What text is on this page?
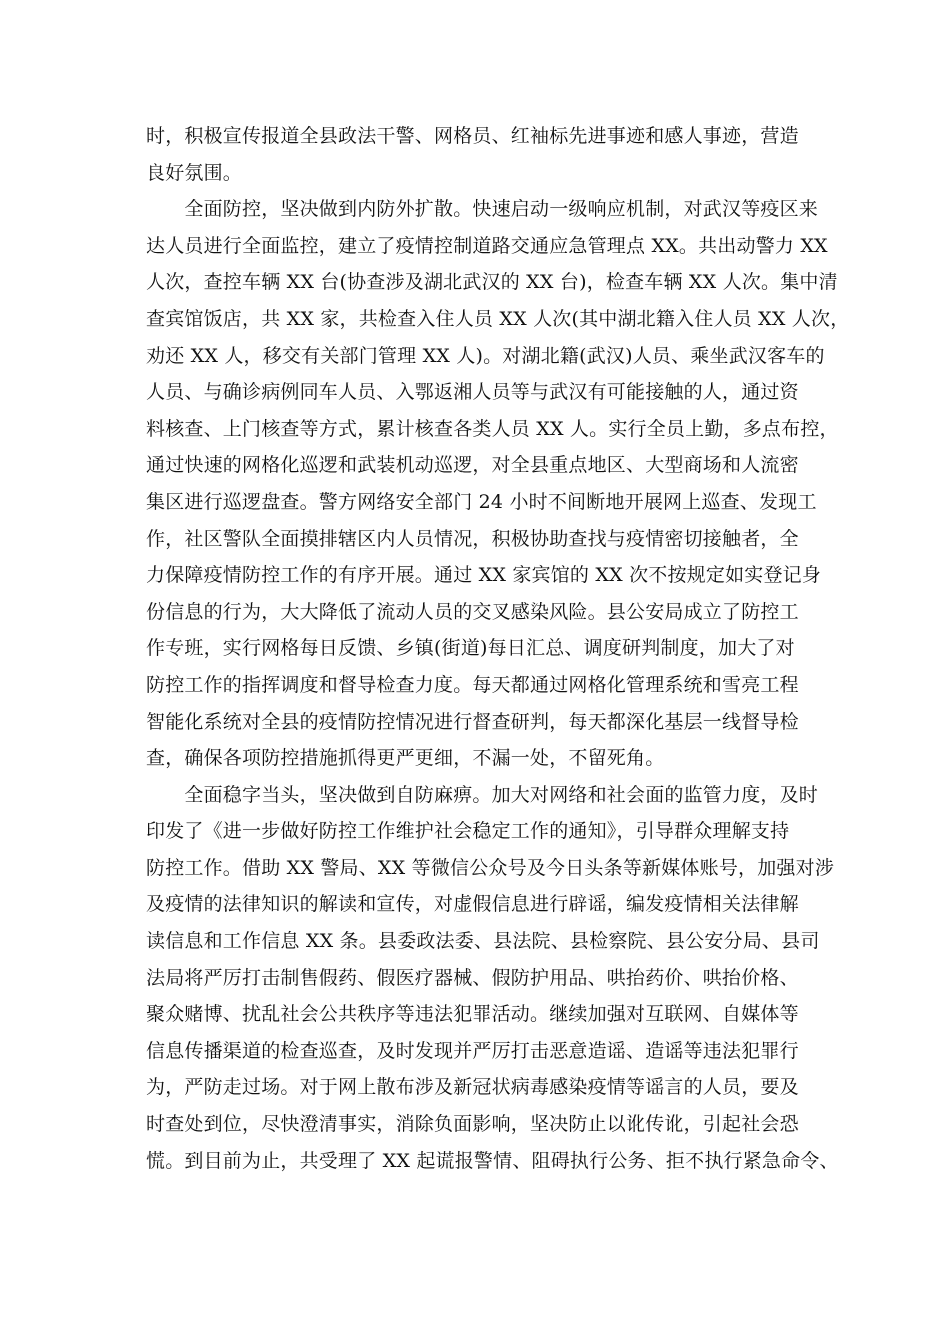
时，积极宣传报道全县政法干警、网格员、红袖标先进事迹和感人事迹，营造
良好氛围。
　　全面防控，坚决做到内防外扩散。快速启动一级响应机制，对武汉等疫区来
达人员进行全面监控，建立了疫情控制道路交通应急管理点 XX。共出动警力 XX
人次，查控车辆 XX 台(协查涉及湖北武汉的 XX 台)，检查车辆 XX 人次。集中清
查宾馆饭店，共 XX 家，共检查入住人员 XX 人次(其中湖北籍入住人员 XX 人次，
劝还 XX 人，移交有关部门管理 XX 人)。对湖北籍(武汉)人员、乘坐武汉客车的
人员、与确诊病例同车人员、入鄂返湘人员等与武汉有可能接触的人，通过资
料核查、上门核查等方式，累计核查各类人员 XX 人。实行全员上勤，多点布控，
通过快速的网格化巡逻和武装机动巡逻，对全县重点地区、大型商场和人流密
集区进行巡逻盘查。警方网络安全部门 24 小时不间断地开展网上巡查、发现工
作，社区警队全面摸排辖区内人员情况，积极协助查找与疫情密切接触者，全
力保障疫情防控工作的有序开展。通过 XX 家宾馆的 XX 次不按规定如实登记身
份信息的行为，大大降低了流动人员的交叉感染风险。县公安局成立了防控工
作专班，实行网格每日反馈、乡镇(街道)每日汇总、调度研判制度，加大了对
防控工作的指挥调度和督导检查力度。每天都通过网格化管理系统和雪亮工程
智能化系统对全县的疫情防控情况进行督查研判，每天都深化基层一线督导检
查，确保各项防控措施抓得更严更细，不漏一处，不留死角。
　　全面稳字当头，坚决做到自防麻痹。加大对网络和社会面的监管力度，及时
印发了《进一步做好防控工作维护社会稳定工作的通知》，引导群众理解支持
防控工作。借助 XX 警局、XX 等微信公众号及今日头条等新媒体账号，加强对涉
及疫情的法律知识的解读和宣传，对虚假信息进行辟谣，编发疫情相关法律解
读信息和工作信息 XX 条。县委政法委、县法院、县检察院、县公安分局、县司
法局将严厉打击制售假药、假医疗器械、假防护用品、哄抬药价、哄抬价格、
聚众赌博、扰乱社会公共秩序等违法犯罪活动。继续加强对互联网、自媒体等
信息传播渠道的检查巡查，及时发现并严厉打击恶意造谣、造谣等违法犯罪行
为，严防走过场。对于网上散布涉及新冠状病毒感染疫情等谣言的人员，要及
时查处到位，尽快澄清事实，消除负面影响，坚决防止以讹传讹，引起社会恐
慌。到目前为止，共受理了 XX 起谎报警情、阻碍执行公务、拒不执行紧急命令、
